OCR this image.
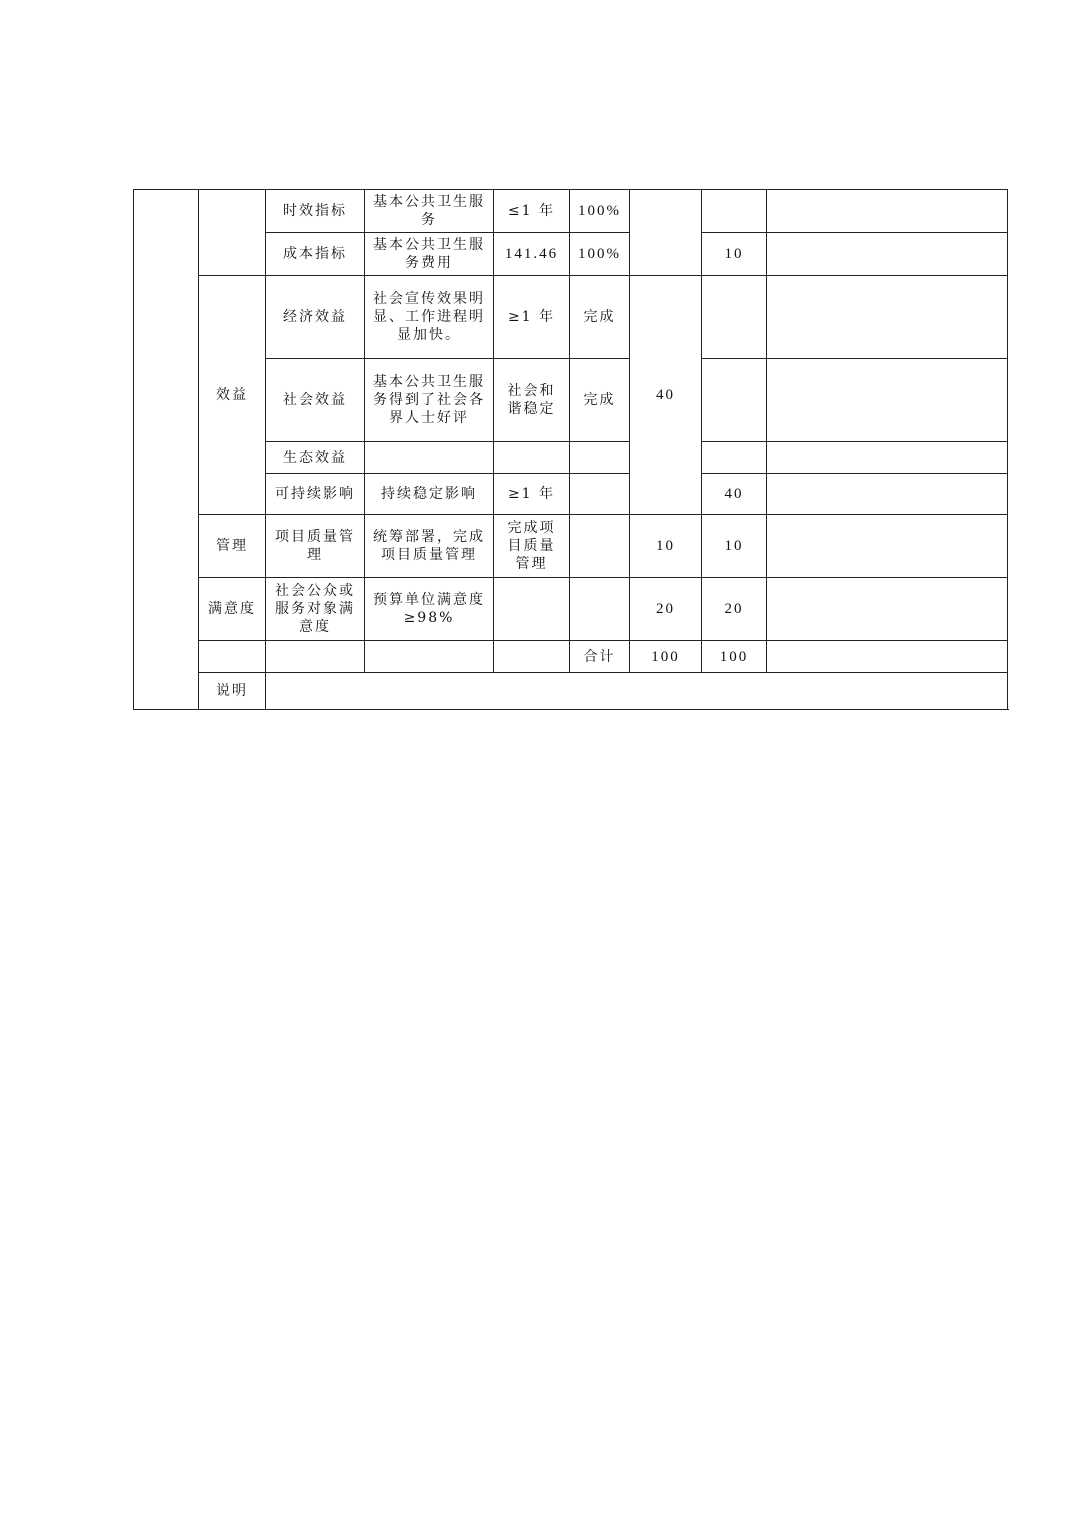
		时效指标	基本公共卫生服务	≤1 年	100%			
		成本指标	基本公共卫生服务费用	141.46	100%		10	
	效益	经济效益	社会宣传效果明显、工作进程明显加快。	≥1 年	完成	40		
		社会效益	基本公共卫生服务得到了社会各界人士好评	社会和谐稳定	完成			
		生态效益						
		可持续影响	持续稳定影响	≥1 年			40	
	管理	项目质量管理	统筹部署，完成项目质量管理	完成项目质量管理		10	10	
	满意度	社会公众或服务对象满意度	预算单位满意度≥98%			20	20	
					合计	100	100	
	说明							
